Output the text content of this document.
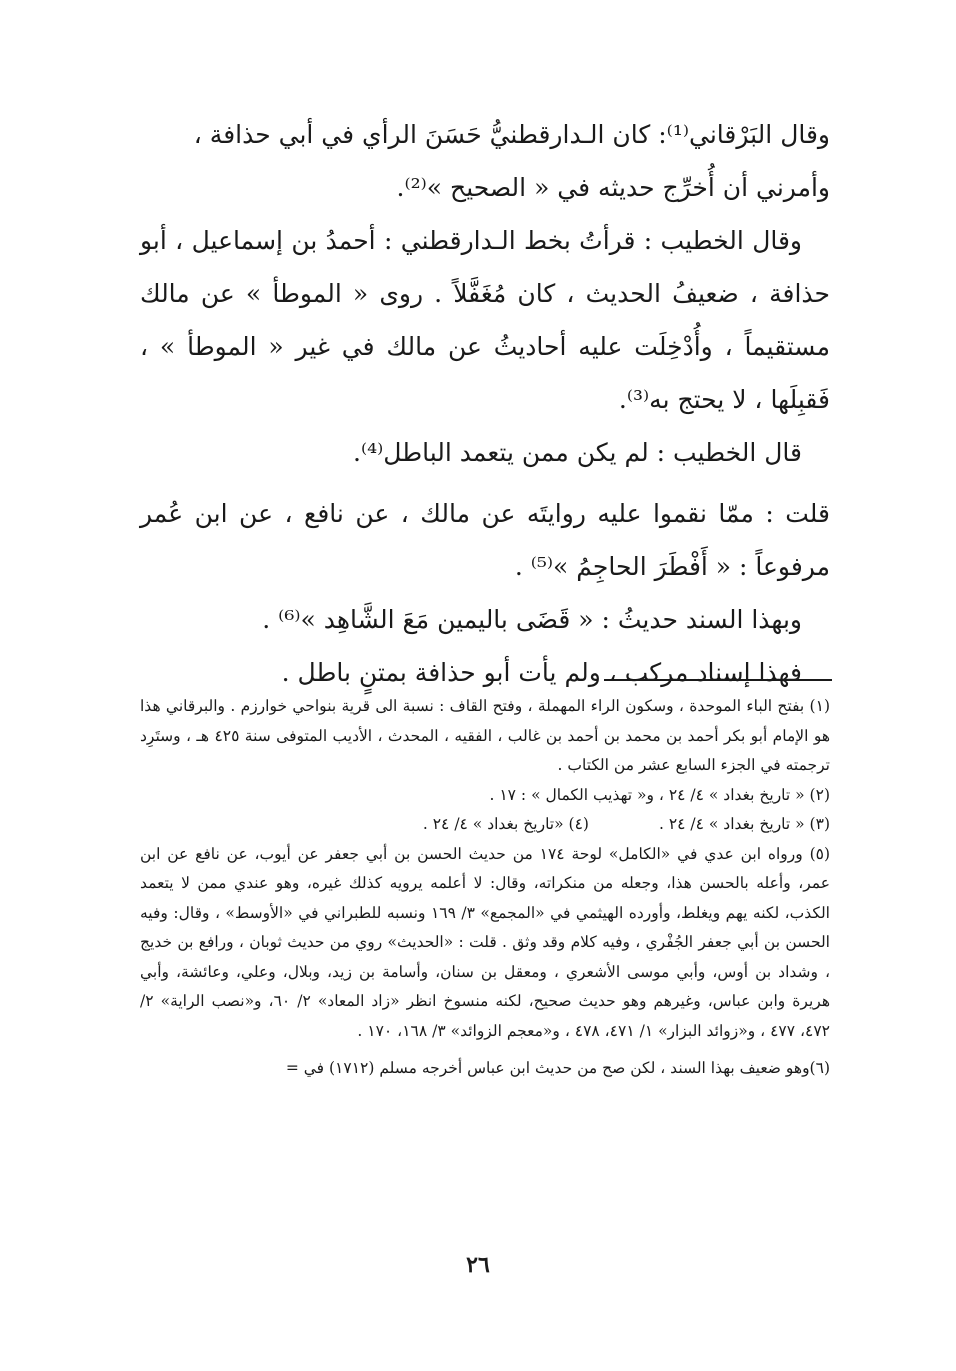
وقال البَرْقاني⁽¹⁾: كان الـدارقطنيُّ حَسَنَ الرأي في أبي حذافة ،

وأمرني أن أُخرِّج حديثه في « الصحيح »⁽²⁾.

وقال الخطيب : قرأتُ بخط الـدارقطني : أحمدُ بن إسماعيل ، أبو حذافة ، ضعيفُ الحديث ، كان مُغَفَّلاً . روى « الموطأ » عن مالك مستقيماً ، وأُدْخِلَت عليه أحاديثُ عن مالك في غير « الموطأ » ، فَقبِلَها ، لا يحتج به⁽³⁾.

قال الخطيب : لم يكن ممن يتعمد الباطل⁽⁴⁾.

قلت : ممّا نقموا عليه روايتَه عن مالك ، عن نافع ، عن ابن عُمر مرفوعاً : « أَفْطَرَ الحاجِمُ »⁽⁵⁾ .

وبهذا السند حديثُ : « قَضَى باليمين مَعَ الشَّاهِد »⁽⁶⁾ .

فهذا إسناد مركب ، ولم يأت أبو حذافة بمتنٍ باطل .

(١) بفتح الباء الموحدة ، وسكون الراء المهملة ، وفتح القاف : نسبة الى قرية بنواحي خوارزم . والبرقاني هذا هو الإمام أبو بكر أحمد بن محمد بن أحمد بن غالب ، الفقيه ، المحدث ، الأديب المتوفى سنة ٤٢٥ هـ ، وستَرِد ترجمته في الجزء السابع عشر من الكتاب .

(٢) « تاريخ بغداد » ٤/ ٢٤ ، و« تهذيب الكمال » : ١٧ .

(٣) « تاريخ بغداد » ٤/ ٢٤ .
(٤) «تاريخ بغداد » ٤/ ٢٤ .

(٥) ورواه ابن عدي في «الكامل» لوحة ١٧٤ من حديث الحسن بن أبي جعفر عن أيوب، عن نافع عن ابن عمر، وأعله بالحسن هذا، وجعله من منكراته، وقال: لا أعلمه يرويه كذلك غيره، وهو عندي ممن لا يتعمد الكذب، لكنه يهم ويغلط، وأورده الهيثمي في «المجمع» ٣/ ١٦٩ ونسبه للطبراني في «الأوسط» ، وقال: وفيه الحسن بن أبي جعفر الجُفْري ، وفيه كلام وقد وثق . قلت : «الحديث» روي من حديث ثوبان ، ورافع بن خديج ، وشداد بن أوس، وأبي موسى الأشعري ، ومعقل بن سنان، وأسامة بن زيد، وبلال، وعلي، وعائشة، وأبي هريرة وابن عباس، وغيرهم وهو حديث صحيح، لكنه منسوخ انظر «زاد المعاد» ٢/ ٦٠، و«نصب الراية» ٢/ ٤٧٢، ٤٧٧ ، و«زوائد البزار» ١/ ٤٧١، ٤٧٨ ، و«معجم الزوائد» ٣/ ١٦٨، ١٧٠ .

(٦)وهو ضعيف بهذا السند ، لكن صح من حديث ابن عباس أخرجه مسلم (١٧١٢) في =

٢٦
